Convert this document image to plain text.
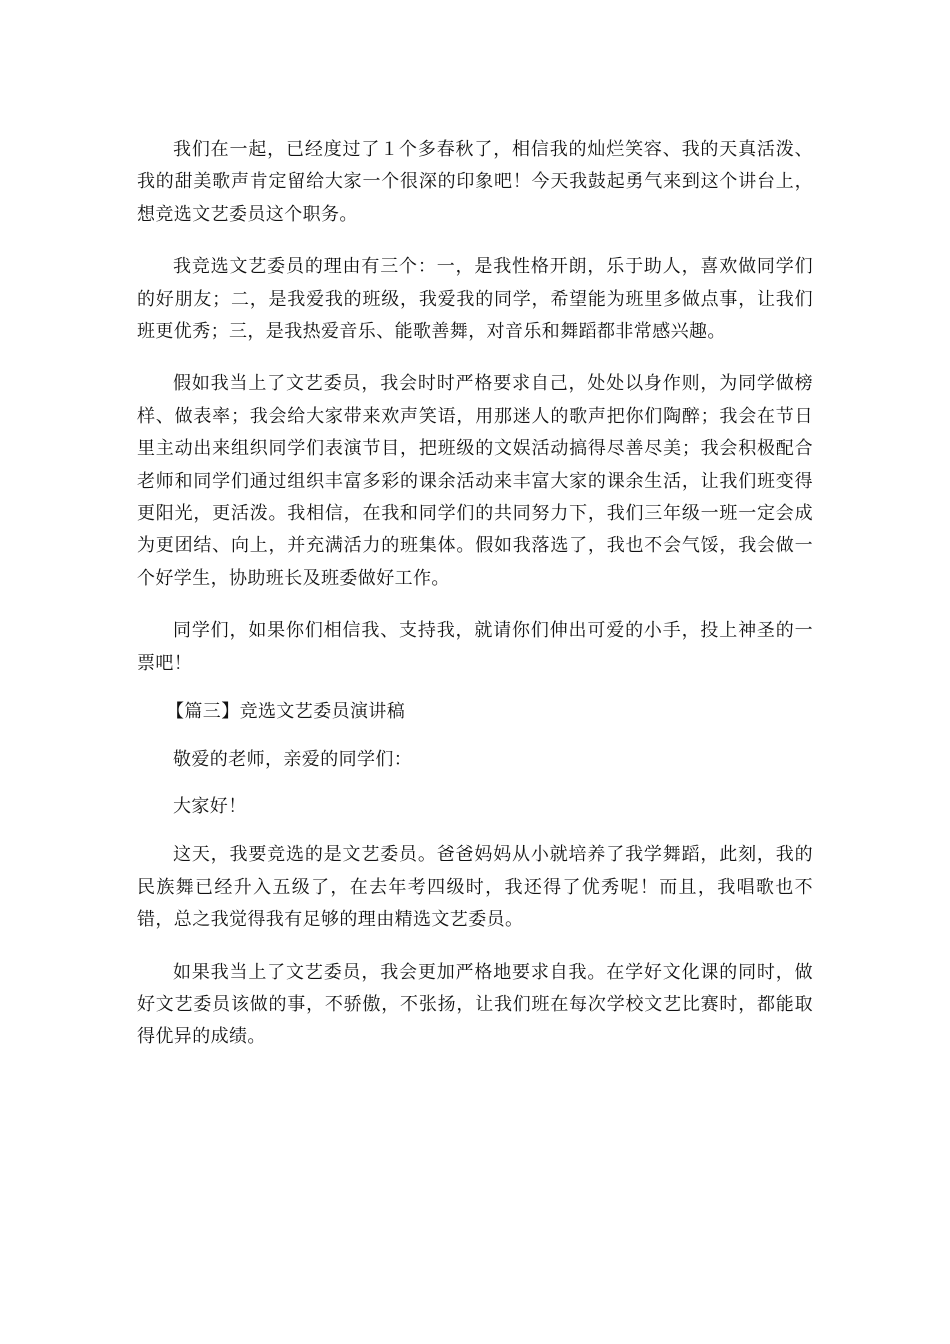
我们在一起，已经度过了１个多春秋了，相信我的灿烂笑容、我的天真活泼、我的甜美歌声肯定留给大家一个很深的印象吧！今天我鼓起勇气来到这个讲台上，想竞选文艺委员这个职务。

我竞选文艺委员的理由有三个：一，是我性格开朗，乐于助人，喜欢做同学们的好朋友；二，是我爱我的班级，我爱我的同学，希望能为班里多做点事，让我们班更优秀；三，是我热爱音乐、能歌善舞，对音乐和舞蹈都非常感兴趣。

假如我当上了文艺委员，我会时时严格要求自己，处处以身作则，为同学做榜样、做表率；我会给大家带来欢声笑语，用那迷人的歌声把你们陶醉；我会在节日里主动出来组织同学们表演节目，把班级的文娱活动搞得尽善尽美；我会积极配合老师和同学们通过组织丰富多彩的课余活动来丰富大家的课余生活，让我们班变得更阳光，更活泼。我相信，在我和同学们的共同努力下，我们三年级一班一定会成为更团结、向上，并充满活力的班集体。假如我落选了，我也不会气馁，我会做一个好学生，协助班长及班委做好工作。

同学们，如果你们相信我、支持我，就请你们伸出可爱的小手，投上神圣的一票吧！

【篇三】竞选文艺委员演讲稿

敬爱的老师，亲爱的同学们：

大家好！

这天，我要竞选的是文艺委员。爸爸妈妈从小就培养了我学舞蹈，此刻，我的民族舞已经升入五级了，在去年考四级时，我还得了优秀呢！而且，我唱歌也不错，总之我觉得我有足够的理由精选文艺委员。

如果我当上了文艺委员，我会更加严格地要求自我。在学好文化课的同时，做好文艺委员该做的事，不骄傲，不张扬，让我们班在每次学校文艺比赛时，都能取得优异的成绩。
